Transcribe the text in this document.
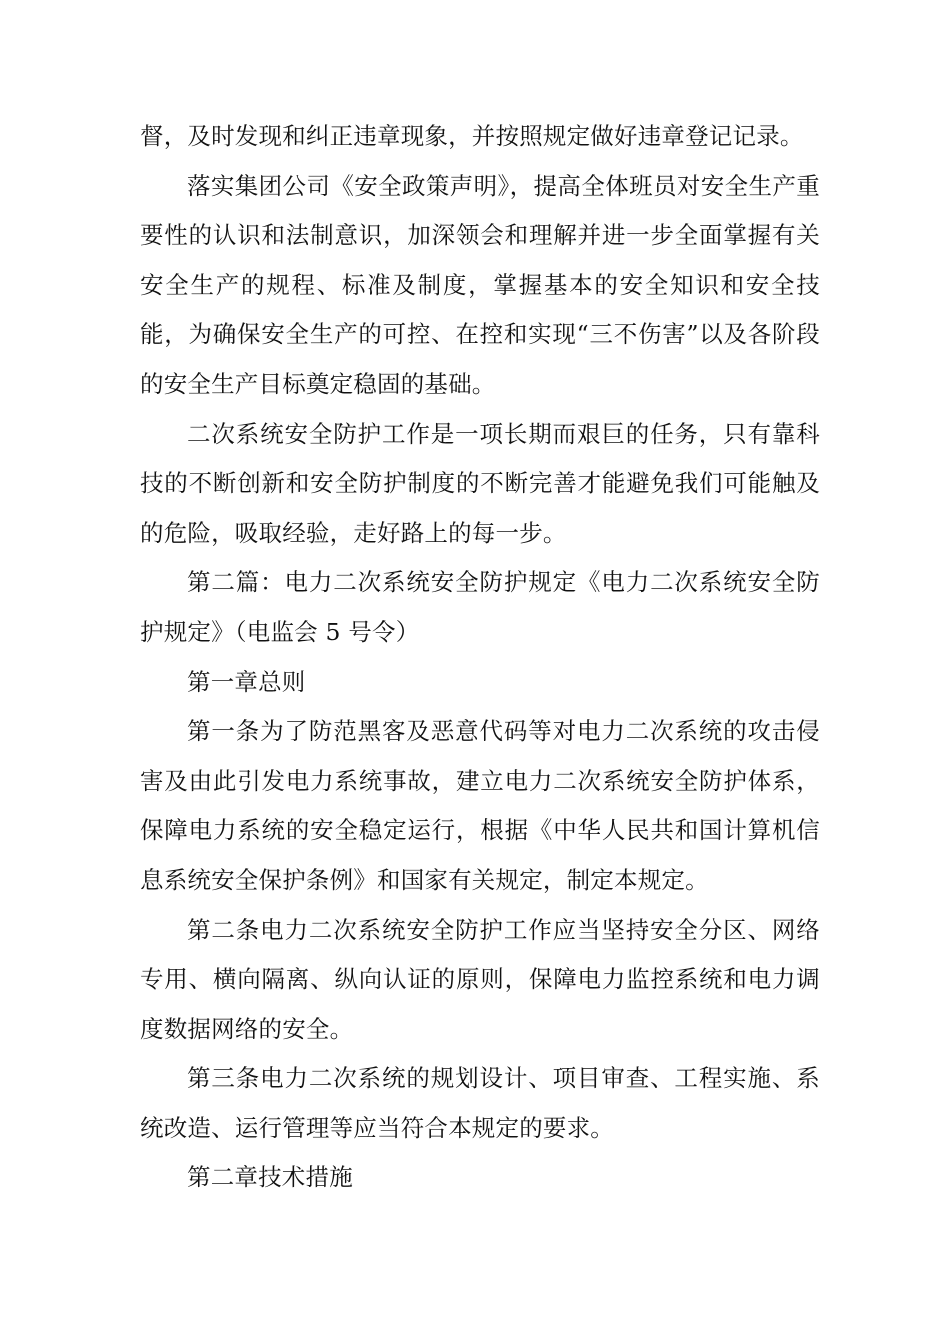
督，及时发现和纠正违章现象，并按照规定做好违章登记记录。

落实集团公司《安全政策声明》，提高全体班员对安全生产重要性的认识和法制意识，加深领会和理解并进一步全面掌握有关安全生产的规程、标准及制度，掌握基本的安全知识和安全技能，为确保安全生产的可控、在控和实现“三不伤害”以及各阶段的安全生产目标奠定稳固的基础。

二次系统安全防护工作是一项长期而艰巨的任务，只有靠科技的不断创新和安全防护制度的不断完善才能避免我们可能触及的危险，吸取经验，走好路上的每一步。

第二篇：电力二次系统安全防护规定《电力二次系统安全防护规定》（电监会 5 号令）

第一章总则

第一条为了防范黑客及恶意代码等对电力二次系统的攻击侵害及由此引发电力系统事故，建立电力二次系统安全防护体系，保障电力系统的安全稳定运行，根据《中华人民共和国计算机信息系统安全保护条例》和国家有关规定，制定本规定。

第二条电力二次系统安全防护工作应当坚持安全分区、网络专用、横向隔离、纵向认证的原则，保障电力监控系统和电力调度数据网络的安全。

第三条电力二次系统的规划设计、项目审查、工程实施、系统改造、运行管理等应当符合本规定的要求。

第二章技术措施
